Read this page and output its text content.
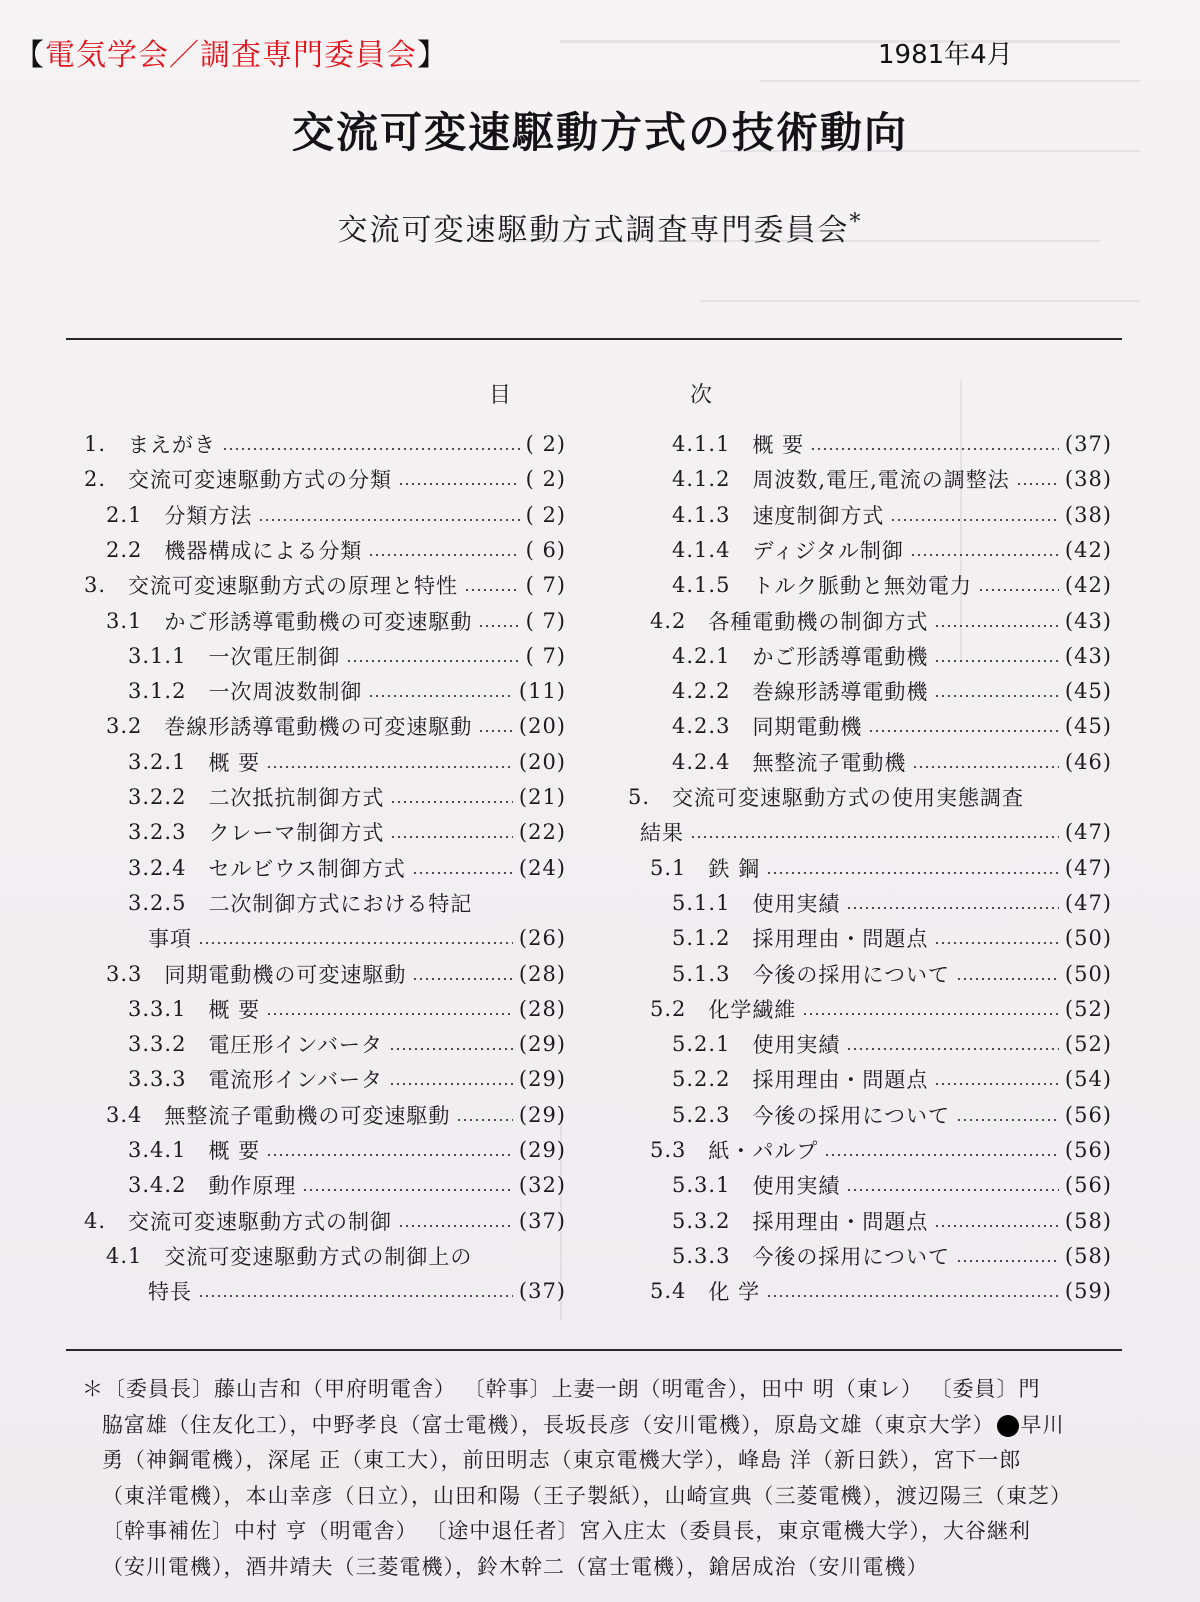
【電気学会／調査専門委員会】	1981年4月
交流可変速駆動方式の技術動向
交流可変速駆動方式調査専門委員会*
目	次
1. まえがき	( 2)
2. 交流可変速駆動方式の分類	( 2)
2.1 分類方法	( 2)
2.2 機器構成による分類	( 6)
3. 交流可変速駆動方式の原理と特性	( 7)
3.1 かご形誘導電動機の可変速駆動	( 7)
3.1.1 一次電圧制御	( 7)
3.1.2 一次周波数制御	(11)
3.2 巻線形誘導電動機の可変速駆動 (20)
3.2.1 概 要	(20)
3.2.2 二次抵抗制御方式	(21)
3.2.3 クレーマ制御方式	(22)
3.2.4 セルビウス制御方式	(24)
3.2.5 二次制御方式における特記
事項	(26)
3.3 同期電動機の可変速駆動	(28)
3.3.1 概 要	(28)
3.3.2 電圧形インバータ	(29)
3.3.3 電流形インバータ	(29)
3.4 無整流子電動機の可変速駆動	(29)
3.4.1 概 要	(29)
3.4.2 動作原理	(32)
4. 交流可変速駆動方式の制御	(37)
4.1 交流可変速駆動方式の制御上の
特長	(37)
4.1.1 概 要	(37)
4.1.2 周波数,電圧,電流の調整法	(38)
4.1.3 速度制御方式	(38)
4.1.4 ディジタル制御	(42)
4.1.5 トルク脈動と無効電力	(42)
4.2 各種電動機の制御方式	(43)
4.2.1 かご形誘導電動機	(43)
4.2.2 巻線形誘導電動機	(45)
4.2.3 同期電動機	(45)
4.2.4 無整流子電動機	(46)
5. 交流可変速駆動方式の使用実態調査
結果	(47)
5.1 鉄 鋼	(47)
5.1.1 使用実績	(47)
5.1.2 採用理由・問題点	(50)
5.1.3 今後の採用について	(50)
5.2 化学繊維	(52)
5.2.1 使用実績	(52)
5.2.2 採用理由・問題点	(54)
5.2.3 今後の採用について	(56)
5.3 紙・パルプ	(56)
5.3.1 使用実績	(56)
5.3.2 採用理由・問題点	(58)
5.3.3 今後の採用について	(58)
5.4 化 学	(59)
＊〔委員長〕藤山吉和（甲府明電舎） 〔幹事〕上妻一朗（明電舎），田中 明（東レ） 〔委員〕門
脇富雄（住友化工），中野孝良（富士電機），長坂長彦（安川電機），原島文雄（東京大学） 早川
勇（神鋼電機），深尾 正（東工大），前田明志（東京電機大学），峰島 洋（新日鉄），宮下一郎
（東洋電機），本山幸彦（日立），山田和陽（王子製紙），山崎宣典（三菱電機），渡辺陽三（東芝）
〔幹事補佐〕中村 亨（明電舎） 〔途中退任者〕宮入庄太（委員長，東京電機大学），大谷継利
（安川電機），酒井靖夫（三菱電機），鈴木幹二（富士電機），鎗居成治（安川電機）
